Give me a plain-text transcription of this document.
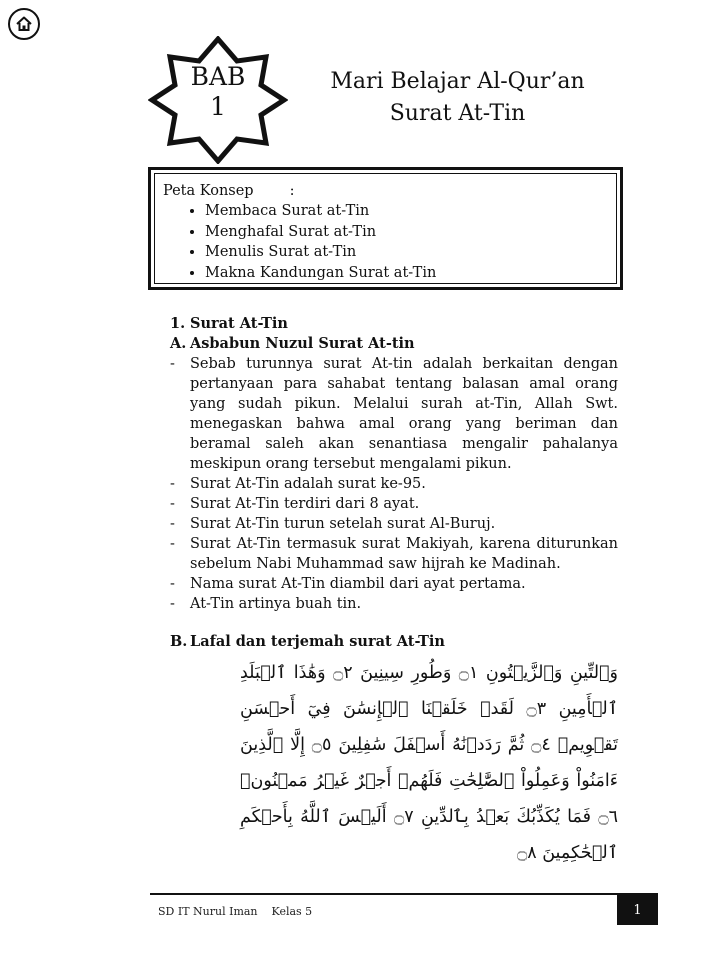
BAB
1
Mari Belajar Al-Qur’an
Surat At-Tin
Peta Konsep :
• Membaca Surat at-Tin
• Menghafal Surat at-Tin
• Menulis Surat at-Tin
• Makna Kandungan Surat at-Tin

1. Surat At-Tin

A. Asbabun Nuzul Surat At-tin

- Sebab turunnya surat At-tin adalah berkaitan dengan pertanyaan para sahabat tentang balasan amal orang yang sudah pikun. Melalui surah at-Tin, Allah Swt. menegaskan bahwa amal orang yang beriman dan beramal saleh akan senantiasa mengalir pahalanya meskipun orang tersebut mengalami pikun.
- Surat At-Tin adalah surat ke-95.
- Surat At-Tin terdiri dari 8 ayat.
- Surat At-Tin turun setelah surat Al-Buruj.
- Surat At-Tin termasuk surat Makiyah, karena diturunkan sebelum Nabi Muhammad saw hijrah ke Madinah.
- Nama surat At-Tin diambil dari ayat pertama.
- At-Tin artinya buah tin.

B. Lafal dan terjemah surat At-Tin

وَٱلتِّينِ وَٱلزَّيۡتُونِ ۝١ وَطُورِ سِينِينَ ۝٢ وَهَٰذَا ٱلۡبَلَدِ ٱلۡأَمِينِ ۝٣ لَقَدۡ خَلَقۡنَا ٱلۡإِنسَٰنَ فِيٓ أَحۡسَنِ تَقۡوِيمٖ ۝٤ ثُمَّ رَدَدۡنَٰهُ أَسۡفَلَ سَٰفِلِينَ ۝٥ إِلَّا ٱلَّذِينَ ءَامَنُواْ وَعَمِلُواْ ٱلصَّٰلِحَٰتِ فَلَهُمۡ أَجۡرٌ غَيۡرُ مَمۡنُونٖ ۝٦ فَمَا يُكَذِّبُكَ بَعۡدُ بِٱلدِّينِ ۝٧ أَلَيۡسَ ٱللَّهُ بِأَحۡكَمِ ٱلۡحَٰكِمِينَ ۝٨
SD IT Nurul Iman Kelas 5	1
